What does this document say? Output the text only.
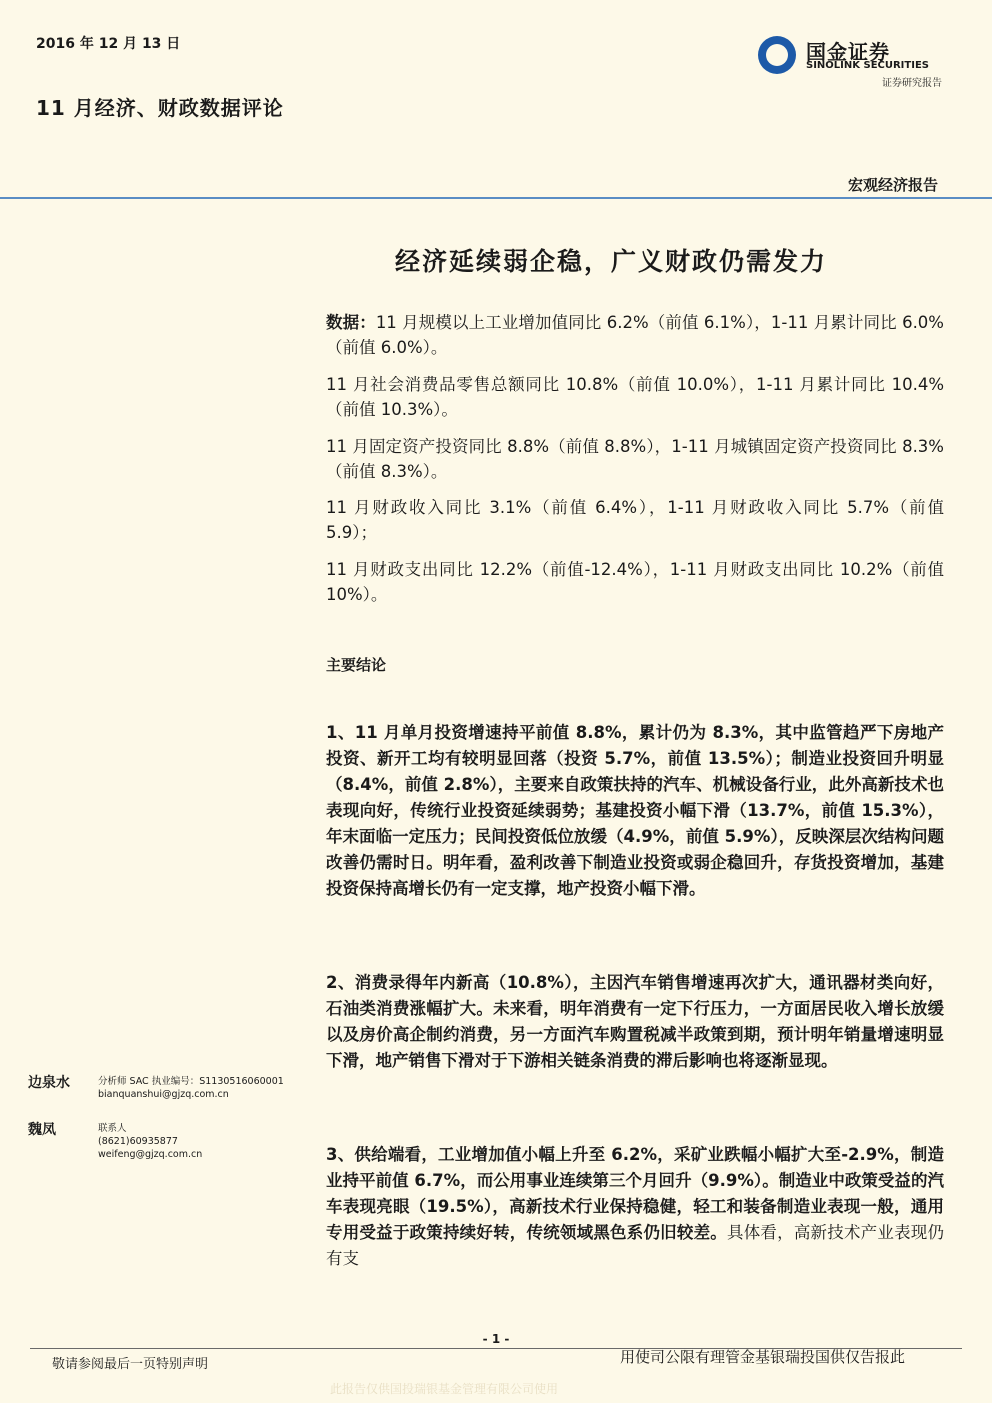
2016 年 12 月 13 日
11 月经济、财政数据评论
国金证券
SINOLINK SECURITIES
证券研究报告
宏观经济报告
经济延续弱企稳，广义财政仍需发力
数据：11 月规模以上工业增加值同比 6.2%（前值 6.1%），1-11 月累计同比 6.0%（前值 6.0%）。
11 月社会消费品零售总额同比 10.8%（前值 10.0%），1-11 月累计同比 10.4%（前值 10.3%）。
11 月固定资产投资同比 8.8%（前值 8.8%），1-11 月城镇固定资产投资同比 8.3%（前值 8.3%）。
11 月财政收入同比 3.1%（前值 6.4%），1-11 月财政收入同比 5.7%（前值 5.9）；
11 月财政支出同比 12.2%（前值-12.4%），1-11 月财政支出同比 10.2%（前值 10%）。
主要结论
1、11 月单月投资增速持平前值 8.8%，累计仍为 8.3%，其中监管趋严下房地产投资、新开工均有较明显回落（投资 5.7%，前值 13.5%）；制造业投资回升明显（8.4%，前值 2.8%），主要来自政策扶持的汽车、机械设备行业，此外高新技术也表现向好，传统行业投资延续弱势；基建投资小幅下滑（13.7%，前值 15.3%），年末面临一定压力；民间投资低位放缓（4.9%，前值 5.9%），反映深层次结构问题改善仍需时日。明年看，盈利改善下制造业投资或弱企稳回升，存货投资增加，基建投资保持高增长仍有一定支撑，地产投资小幅下滑。
2、消费录得年内新高（10.8%），主因汽车销售增速再次扩大，通讯器材类向好，石油类消费涨幅扩大。未来看，明年消费有一定下行压力，一方面居民收入增长放缓以及房价高企制约消费，另一方面汽车购置税减半政策到期，预计明年销量增速明显下滑，地产销售下滑对于下游相关链条消费的滞后影响也将逐渐显现。
3、供给端看，工业增加值小幅上升至 6.2%，采矿业跌幅小幅扩大至-2.9%，制造业持平前值 6.7%，而公用事业连续第三个月回升（9.9%）。制造业中政策受益的汽车表现亮眼（19.5%），高新技术行业保持稳健，轻工和装备制造业表现一般，通用专用受益于政策持续好转，传统领域黑色系仍旧较差。具体看，高新技术产业表现仍有支
边泉水	分析师 SAC 执业编号：S1130516060001
bianquanshui@gjzq.com.cn
魏凤	联系人
(8621)60935877
weifeng@gjzq.com.cn
- 1 -
敬请参阅最后一页特别声明	用使司公限有理管金基银瑞投国供仅告报此
此报告仅供国投瑞银基金管理有限公司使用
